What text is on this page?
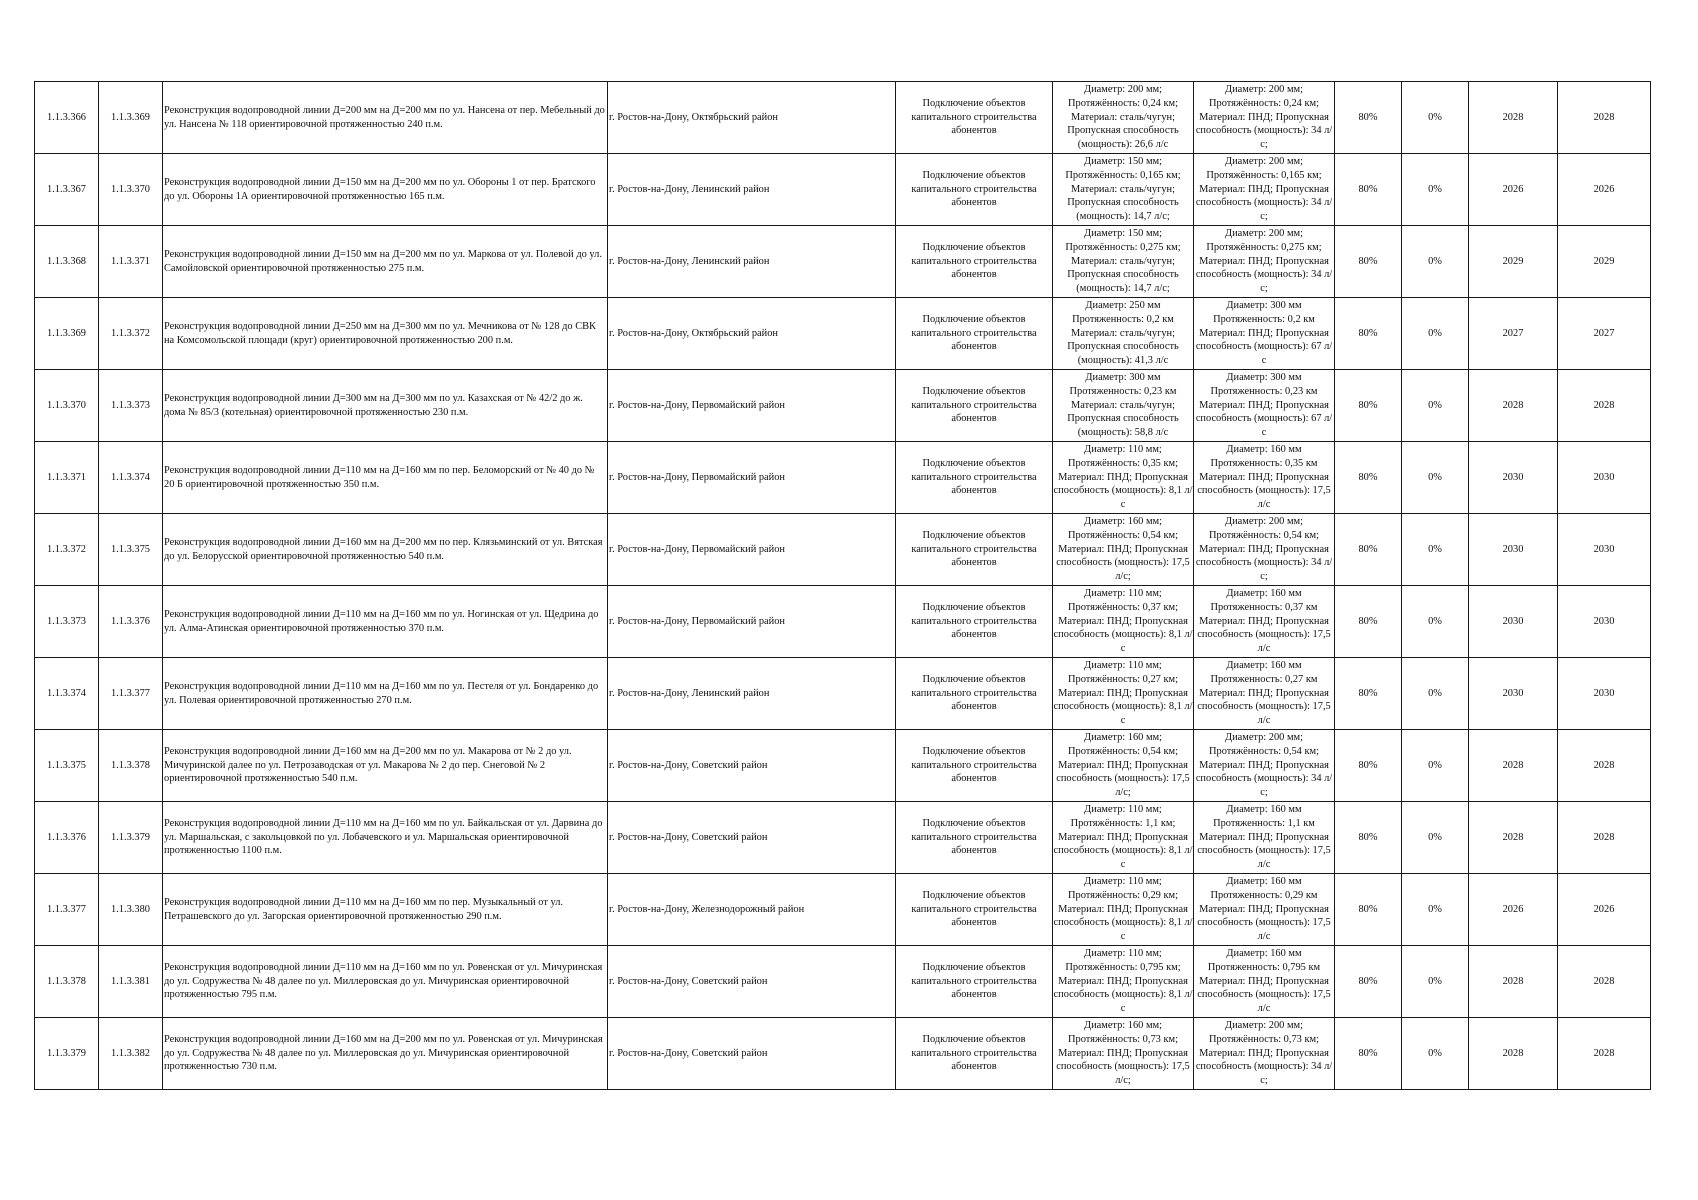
1.1.3.366	1.1.3.369	Реконструкция водопроводной линии Д=200 мм на Д=200 мм по ул. Нансена от пер. Мебельный до ул. Нансена № 118 ориентировочной протяженностью 240 п.м.	г. Ростов-на-Дону, Октябрьский район	Подключение объектов капитального строительства абонентов	Диаметр: 200 мм; Протяжённость: 0,24 км; Материал: сталь/чугун; Пропускная способность (мощность): 26,6 л/с	Диаметр: 200 мм; Протяжённость: 0,24 км; Материал: ПНД; Пропускная способность (мощность): 34 л/с;	80%	0%	2028	2028
1.1.3.367	1.1.3.370	Реконструкция водопроводной линии Д=150 мм на Д=200 мм по ул. Обороны 1 от пер. Братского до ул. Обороны 1А ориентировочной протяженностью 165 п.м.	г. Ростов-на-Дону, Ленинский район	Подключение объектов капитального строительства абонентов	Диаметр: 150 мм; Протяжённость: 0,165 км; Материал: сталь/чугун; Пропускная способность (мощность): 14,7 л/с;	Диаметр: 200 мм; Протяжённость: 0,165 км; Материал: ПНД; Пропускная способность (мощность): 34 л/с;	80%	0%	2026	2026
1.1.3.368	1.1.3.371	Реконструкция водопроводной линии Д=150 мм на Д=200 мм по ул. Маркова от ул. Полевой до ул. Самойловской ориентировочной протяженностью 275 п.м.	г. Ростов-на-Дону, Ленинский район	Подключение объектов капитального строительства абонентов	Диаметр: 150 мм; Протяжённость: 0,275 км; Материал: сталь/чугун; Пропускная способность (мощность): 14,7 л/с;	Диаметр: 200 мм; Протяжённость: 0,275 км; Материал: ПНД; Пропускная способность (мощность): 34 л/с;	80%	0%	2029	2029
1.1.3.369	1.1.3.372	Реконструкция водопроводной линии Д=250 мм на Д=300 мм по ул. Мечникова от № 128 до СВК на Комсомольской площади (круг) ориентировочной протяженностью 200 п.м.	г. Ростов-на-Дону, Октябрьский район	Подключение объектов капитального строительства абонентов	Диаметр: 250 мм Протяженность: 0,2 км Материал: сталь/чугун; Пропускная способность (мощность): 41,3 л/с	Диаметр: 300 мм Протяженность: 0,2 км Материал: ПНД; Пропускная способность (мощность): 67 л/с	80%	0%	2027	2027
1.1.3.370	1.1.3.373	Реконструкция водопроводной линии Д=300 мм на Д=300 мм по ул. Казахская от № 42/2 до ж. дома № 85/3 (котельная) ориентировочной протяженностью 230 п.м.	г. Ростов-на-Дону, Первомайский район	Подключение объектов капитального строительства абонентов	Диаметр: 300 мм Протяженность: 0,23 км Материал: сталь/чугун; Пропускная способность (мощность): 58,8 л/с	Диаметр: 300 мм Протяженность: 0,23 км Материал: ПНД; Пропускная способность (мощность): 67 л/с	80%	0%	2028	2028
1.1.3.371	1.1.3.374	Реконструкция водопроводной линии Д=110 мм на Д=160 мм по пер. Беломорский от № 40 до № 20 Б ориентировочной протяженностью 350 п.м.	г. Ростов-на-Дону, Первомайский район	Подключение объектов капитального строительства абонентов	Диаметр: 110 мм; Протяжённость: 0,35 км; Материал: ПНД; Пропускная способность (мощность): 8,1 л/с	Диаметр: 160 мм Протяженность: 0,35 км Материал: ПНД; Пропускная способность (мощность): 17,5 л/с	80%	0%	2030	2030
1.1.3.372	1.1.3.375	Реконструкция водопроводной линии Д=160 мм на Д=200 мм по пер. Клязьминский от ул. Вятская до ул. Белорусской ориентировочной протяженностью 540 п.м.	г. Ростов-на-Дону, Первомайский район	Подключение объектов капитального строительства абонентов	Диаметр: 160 мм; Протяжённость: 0,54 км; Материал: ПНД; Пропускная способность (мощность): 17,5 л/с;	Диаметр: 200 мм; Протяжённость: 0,54 км; Материал: ПНД; Пропускная способность (мощность): 34 л/с;	80%	0%	2030	2030
1.1.3.373	1.1.3.376	Реконструкция водопроводной линии Д=110 мм на Д=160 мм по ул. Ногинская от ул. Щедрина до ул. Алма-Атинская ориентировочной протяженностью 370 п.м.	г. Ростов-на-Дону, Первомайский район	Подключение объектов капитального строительства абонентов	Диаметр: 110 мм; Протяжённость: 0,37 км; Материал: ПНД; Пропускная способность (мощность): 8,1 л/с	Диаметр: 160 мм Протяженность: 0,37 км Материал: ПНД; Пропускная способность (мощность): 17,5 л/с	80%	0%	2030	2030
1.1.3.374	1.1.3.377	Реконструкция водопроводной линии Д=110 мм на Д=160 мм по ул. Пестеля от ул. Бондаренко до ул. Полевая ориентировочной протяженностью 270 п.м.	г. Ростов-на-Дону, Ленинский район	Подключение объектов капитального строительства абонентов	Диаметр: 110 мм; Протяжённость: 0,27 км; Материал: ПНД; Пропускная способность (мощность): 8,1 л/с	Диаметр: 160 мм Протяженность: 0,27 км Материал: ПНД; Пропускная способность (мощность): 17,5 л/с	80%	0%	2030	2030
1.1.3.375	1.1.3.378	Реконструкция водопроводной линии Д=160 мм на Д=200 мм по ул. Макарова от № 2 до ул. Мичуринской далее по ул. Петрозаводская от ул. Макарова № 2 до пер. Снеговой № 2 ориентировочной протяженностью 540 п.м.	г. Ростов-на-Дону, Советский район	Подключение объектов капитального строительства абонентов	Диаметр: 160 мм; Протяжённость: 0,54 км; Материал: ПНД; Пропускная способность (мощность): 17,5 л/с;	Диаметр: 200 мм; Протяжённость: 0,54 км; Материал: ПНД; Пропускная способность (мощность): 34 л/с;	80%	0%	2028	2028
1.1.3.376	1.1.3.379	Реконструкция водопроводной линии Д=110 мм на Д=160 мм по ул. Байкальская от ул. Дарвина до ул. Маршальская, с закольцовкой по ул. Лобачевского и ул. Маршальская ориентировочной протяженностью 1100 п.м.	г. Ростов-на-Дону, Советский район	Подключение объектов капитального строительства абонентов	Диаметр: 110 мм; Протяжённость: 1,1 км; Материал: ПНД; Пропускная способность (мощность): 8,1 л/с	Диаметр: 160 мм Протяженность: 1,1 км Материал: ПНД; Пропускная способность (мощность): 17,5 л/с	80%	0%	2028	2028
1.1.3.377	1.1.3.380	Реконструкция водопроводной линии Д=110 мм на Д=160 мм по пер. Музыкальный от ул. Петрашевского до ул. Загорская ориентировочной протяженностью 290 п.м.	г. Ростов-на-Дону, Железнодорожный район	Подключение объектов капитального строительства абонентов	Диаметр: 110 мм; Протяжённость: 0,29 км; Материал: ПНД; Пропускная способность (мощность): 8,1 л/с	Диаметр: 160 мм Протяженность: 0,29 км Материал: ПНД; Пропускная способность (мощность): 17,5 л/с	80%	0%	2026	2026
1.1.3.378	1.1.3.381	Реконструкция водопроводной линии Д=110 мм на Д=160 мм по ул. Ровенская от ул. Мичуринская до ул. Содружества № 48 далее по ул. Миллеровская до ул. Мичуринская ориентировочной протяженностью 795 п.м.	г. Ростов-на-Дону, Советский район	Подключение объектов капитального строительства абонентов	Диаметр: 110 мм; Протяжённость: 0,795 км; Материал: ПНД; Пропускная способность (мощность): 8,1 л/с	Диаметр: 160 мм Протяженность: 0,795 км Материал: ПНД; Пропускная способность (мощность): 17,5 л/с	80%	0%	2028	2028
1.1.3.379	1.1.3.382	Реконструкция водопроводной линии Д=160 мм на Д=200 мм по ул. Ровенская от ул. Мичуринская до ул. Содружества № 48 далее по ул. Миллеровская до ул. Мичуринская ориентировочной протяженностью 730 п.м.	г. Ростов-на-Дону, Советский район	Подключение объектов капитального строительства абонентов	Диаметр: 160 мм; Протяжённость: 0,73 км; Материал: ПНД; Пропускная способность (мощность): 17,5 л/с;	Диаметр: 200 мм; Протяжённость: 0,73 км; Материал: ПНД; Пропускная способность (мощность): 34 л/с;	80%	0%	2028	2028
